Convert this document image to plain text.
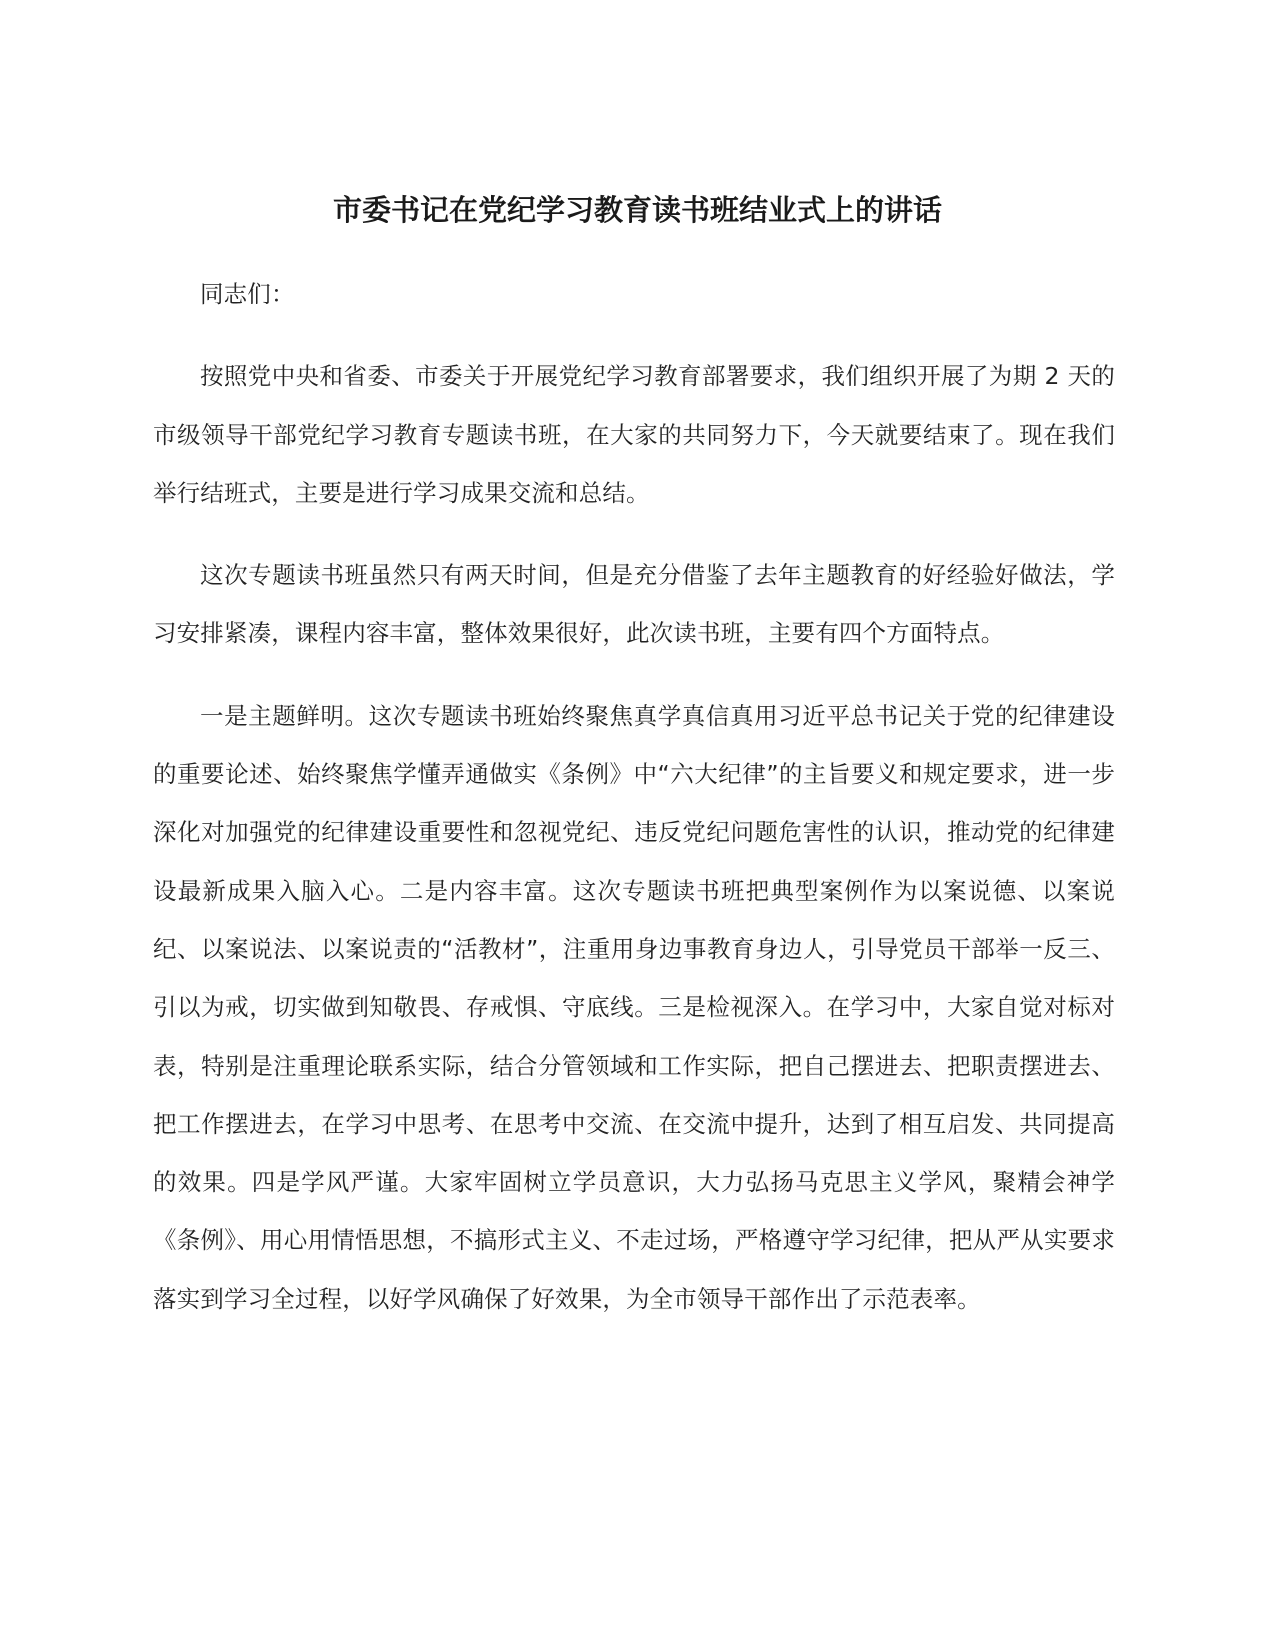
市委书记在党纪学习教育读书班结业式上的讲话

同志们：

按照党中央和省委、市委关于开展党纪学习教育部署要求，我们组织开展了为期 2 天的市级领导干部党纪学习教育专题读书班，在大家的共同努力下，今天就要结束了。现在我们举行结班式，主要是进行学习成果交流和总结。

这次专题读书班虽然只有两天时间，但是充分借鉴了去年主题教育的好经验好做法，学习安排紧凑，课程内容丰富，整体效果很好，此次读书班，主要有四个方面特点。

一是主题鲜明。这次专题读书班始终聚焦真学真信真用习近平总书记关于党的纪律建设的重要论述、始终聚焦学懂弄通做实《条例》中“六大纪律”的主旨要义和规定要求，进一步深化对加强党的纪律建设重要性和忽视党纪、违反党纪问题危害性的认识，推动党的纪律建设最新成果入脑入心。二是内容丰富。这次专题读书班把典型案例作为以案说德、以案说纪、以案说法、以案说责的“活教材”，注重用身边事教育身边人，引导党员干部举一反三、引以为戒，切实做到知敬畏、存戒惧、守底线。三是检视深入。在学习中，大家自觉对标对表，特别是注重理论联系实际，结合分管领域和工作实际，把自己摆进去、把职责摆进去、把工作摆进去，在学习中思考、在思考中交流、在交流中提升，达到了相互启发、共同提高的效果。四是学风严谨。大家牢固树立学员意识，大力弘扬马克思主义学风，聚精会神学《条例》、用心用情悟思想，不搞形式主义、不走过场，严格遵守学习纪律，把从严从实要求落实到学习全过程，以好学风确保了好效果，为全市领导干部作出了示范表率。
